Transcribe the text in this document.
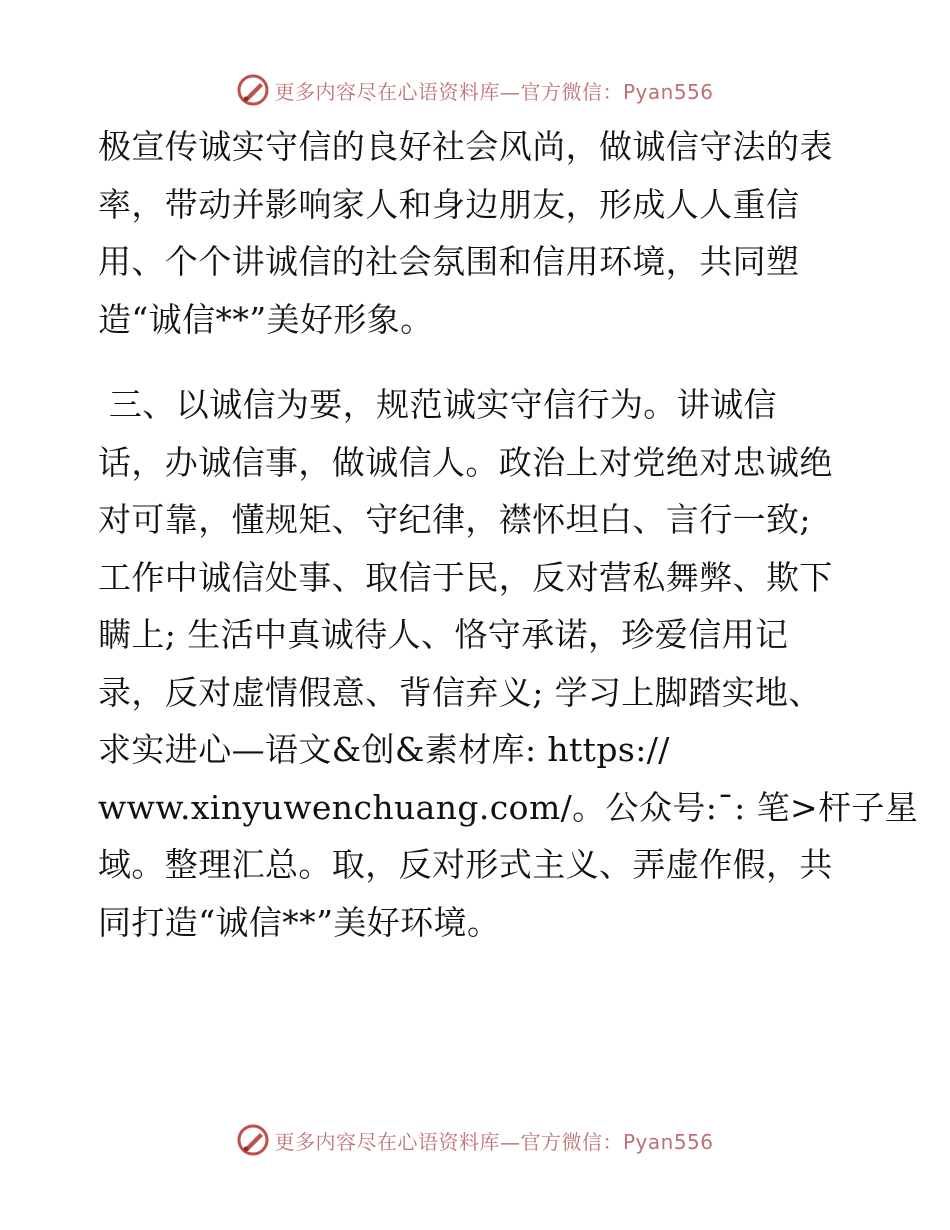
更多内容尽在心语资料库—官方微信：Pyan556

极宣传诚实守信的良好社会风尚，做诚信守法的表
率，带动并影响家人和身边朋友，形成人人重信
用、个个讲诚信的社会氛围和信用环境，共同塑
造“诚信**”美好形象。

三、以诚信为要，规范诚实守信行为。讲诚信
话，办诚信事，做诚信人。政治上对党绝对忠诚绝
对可靠，懂规矩、守纪律，襟怀坦白、言行一致;
工作中诚信处事、取信于民，反对营私舞弊、欺下
瞒上; 生活中真诚待人、恪守承诺，珍爱信用记
录，反对虚情假意、背信弃义; 学习上脚踏实地、
求实进心—语文&创&素材库: https://
www.xinyuwenchuang.com/。公众号:¯: 笔>杆子星
域。整理汇总。取，反对形式主义、弄虚作假，共
同打造“诚信**”美好环境。

更多内容尽在心语资料库—官方微信：Pyan556
